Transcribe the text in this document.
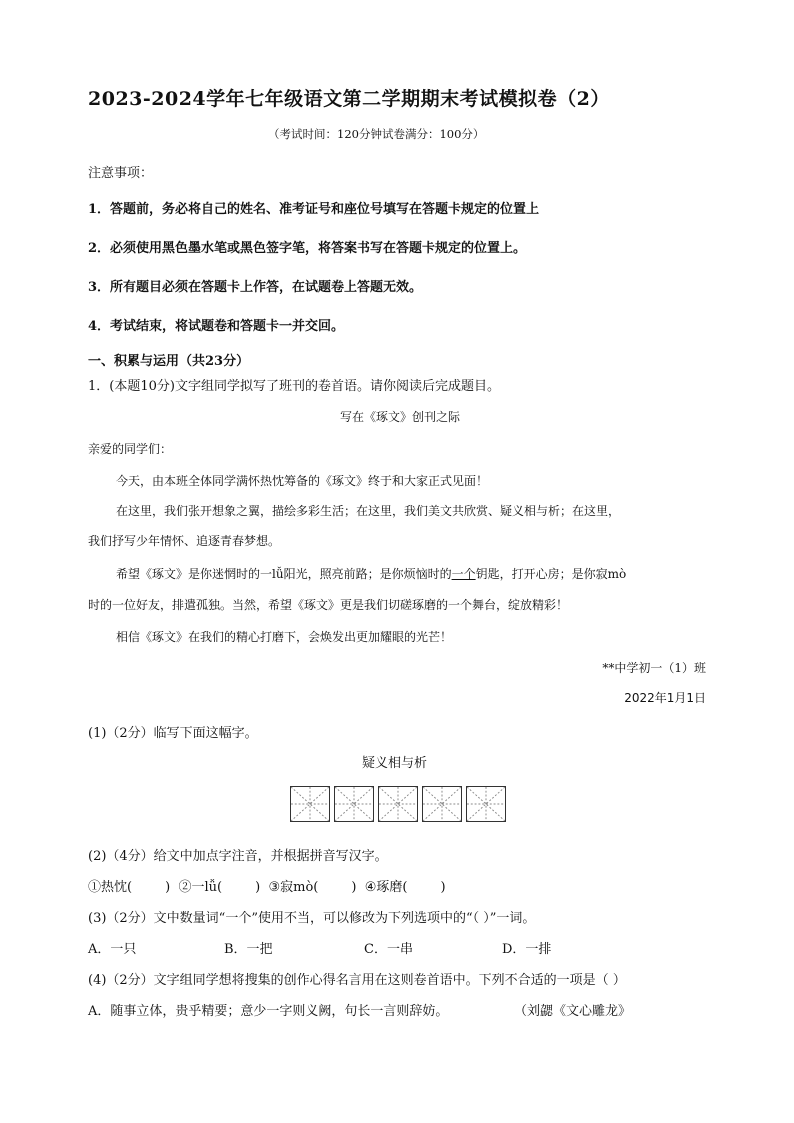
2023-2024学年七年级语文第二学期期末考试模拟卷（2）
（考试时间：120分钟试卷满分：100分）
注意事项：
1．答题前，务必将自己的姓名、准考证号和座位号填写在答题卡规定的位置上
2．必须使用黑色墨水笔或黑色签字笔，将答案书写在答题卡规定的位置上。
3．所有题目必须在答题卡上作答，在试题卷上答题无效。
4．考试结束，将试题卷和答题卡一并交回。
一、积累与运用（共23分）
1．(本题10分)文字组同学拟写了班刊的卷首语。请你阅读后完成题目。
写在《琢文》创刊之际
亲爱的同学们：
今天，由本班全体同学满怀热忱筹备的《琢文》终于和大家正式见面！
在这里，我们张开想象之翼，描绘多彩生活；在这里，我们美文共欣赏、疑义相与析；在这里，
我们抒写少年情怀、追逐青春梦想。
希望《琢文》是你迷惘时的一lǚ阳光，照亮前路；是你烦恼时的一个钥匙，打开心房；是你寂mò
时的一位好友，排遣孤独。当然，希望《琢文》更是我们切磋琢磨的一个舞台，绽放精彩！
相信《琢文》在我们的精心打磨下，会焕发出更加耀眼的光芒！
**中学初一（1）班
2022年1月1日
(1)（2分）临写下面这幅字。
疑义相与析
(2)（4分）给文中加点字注音，并根据拼音写汉字。
①热忱(        )  ②一lǚ(        )  ③寂mò(        )  ④琢磨(        )
(3)（2分）文中数量词“一个”使用不当，可以修改为下列选项中的“（ ）”一词。
A．一只	B．一把	C．一串	D．一排
(4)（2分）文字组同学想将搜集的创作心得名言用在这则卷首语中。下列不合适的一项是（ ）
A．随事立体，贵乎精要；意少一字则义阙，句长一言则辞妨。	（刘勰《文心雕龙》
